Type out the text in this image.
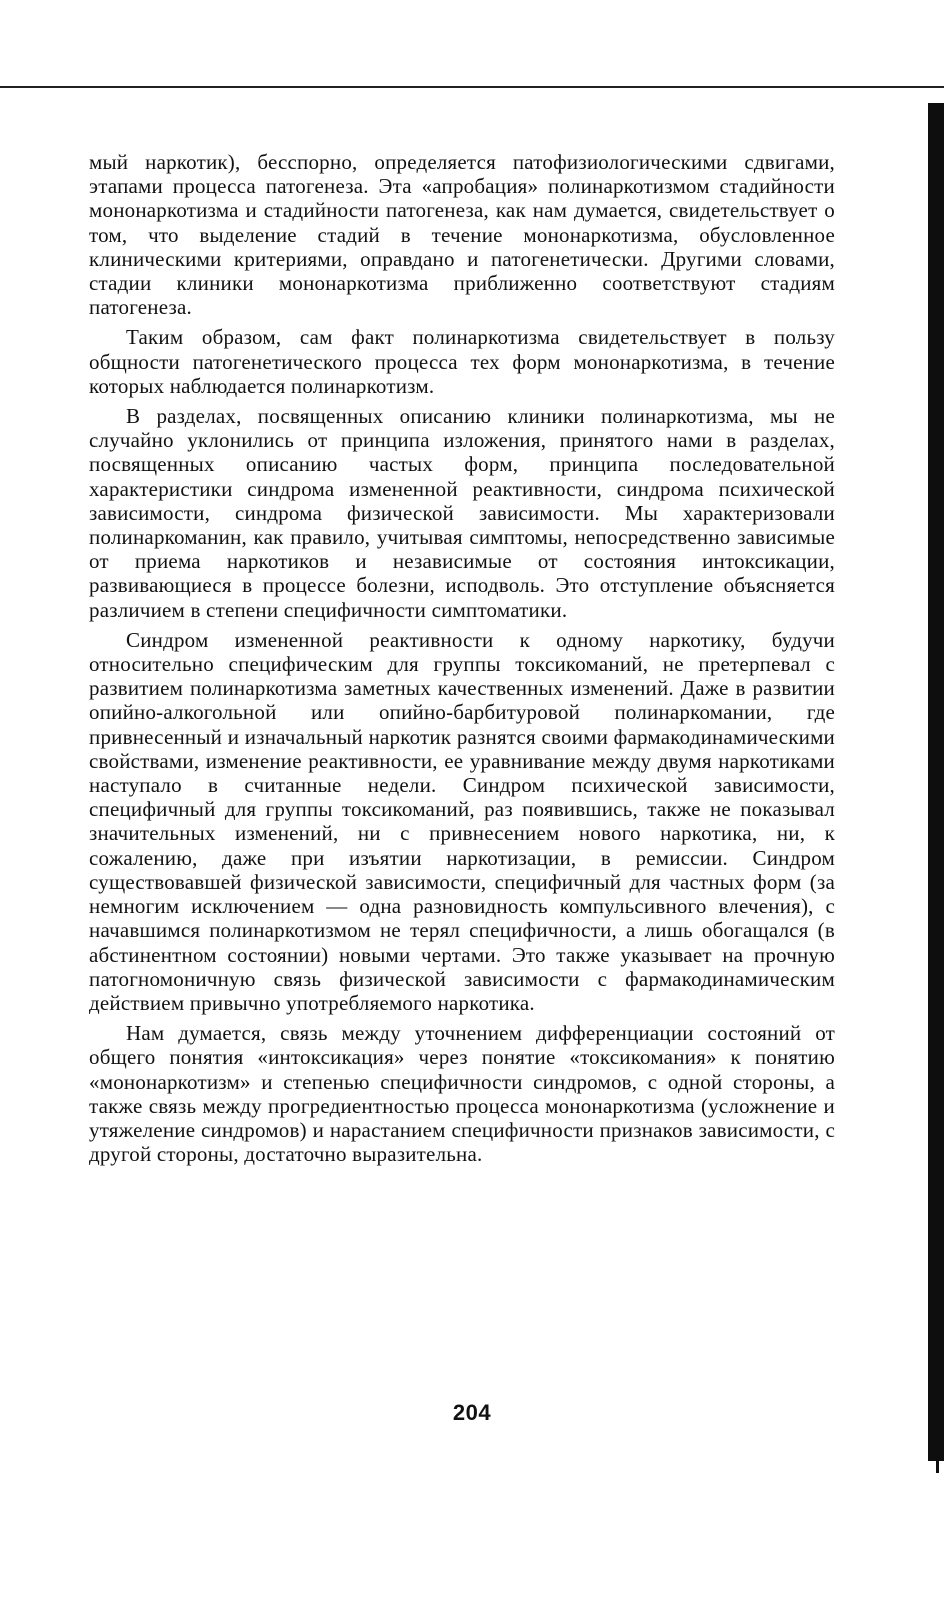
мый наркотик), бесспорно, определяется патофизиологическими сдвигами, этапами процесса патогенеза. Эта «апробация» полинаркотизмом стадийности мононаркотизма и стадийности патогенеза, как нам думается, свидетельствует о том, что выделение стадий в течение мононаркотизма, обусловленное клиническими критериями, оправдано и патогенетически. Другими словами, стадии клиники мононаркотизма приближенно соответствуют стадиям патогенеза.

Таким образом, сам факт полинаркотизма свидетельствует в пользу общности патогенетического процесса тех форм мононаркотизма, в течение которых наблюдается полинаркотизм.

В разделах, посвященных описанию клиники полинаркотизма, мы не случайно уклонились от принципа изложения, принятого нами в разделах, посвященных описанию частых форм, принципа последовательной характеристики синдрома измененной реактивности, синдрома психической зависимости, синдрома физической зависимости. Мы характеризовали полинаркоманин, как правило, учитывая симптомы, непосредственно зависимые от приема наркотиков и независимые от состояния интоксикации, развивающиеся в процессе болезни, исподволь. Это отступление объясняется различием в степени специфичности симптоматики.

Синдром измененной реактивности к одному наркотику, будучи относительно специфическим для группы токсикоманий, не претерпевал с развитием полинаркотизма заметных качественных изменений. Даже в развитии опийно-алкогольной или опийно-барбитуровой полинаркомании, где привнесенный и изначальный наркотик разнятся своими фармакодинамическими свойствами, изменение реактивности, ее уравнивание между двумя наркотиками наступало в считанные недели. Синдром психической зависимости, специфичный для группы токсикоманий, раз появившись, также не показывал значительных изменений, ни с привнесением нового наркотика, ни, к сожалению, даже при изъятии наркотизации, в ремиссии. Синдром существовавшей физической зависимости, специфичный для частных форм (за немногим исключением — одна разновидность компульсивного влечения), с начавшимся полинаркотизмом не терял специфичности, а лишь обогащался (в абстинентном состоянии) новыми чертами. Это также указывает на прочную патогномоничную связь физической зависимости с фармакодинамическим действием привычно употребляемого наркотика.

Нам думается, связь между уточнением дифференциации состояний от общего понятия «интоксикация» через понятие «токсикомания» к понятию «мононаркотизм» и степенью специфичности синдромов, с одной стороны, а также связь между прогредиентностью процесса мононаркотизма (усложнение и утяжеление синдромов) и нарастанием специфичности признаков зависимости, с другой стороны, достаточно выразительна.

204
